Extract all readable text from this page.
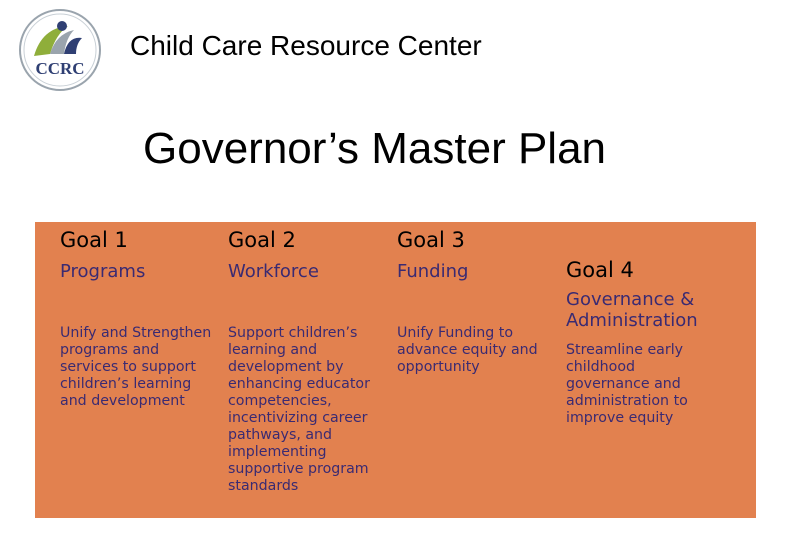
CCRC
Child Care Resource Center
Governor’s Master Plan
Goal 1
Programs

Unify and Strengthen programs and services to support children’s learning and development

Goal 2
Workforce

Support children’s learning and development by enhancing educator competencies, incentivizing career pathways, and implementing supportive program standards

Goal 3
Funding

Unify Funding to advance equity and opportunity

Goal 4
Governance & Administration

Streamline early childhood governance and administration to improve equity
